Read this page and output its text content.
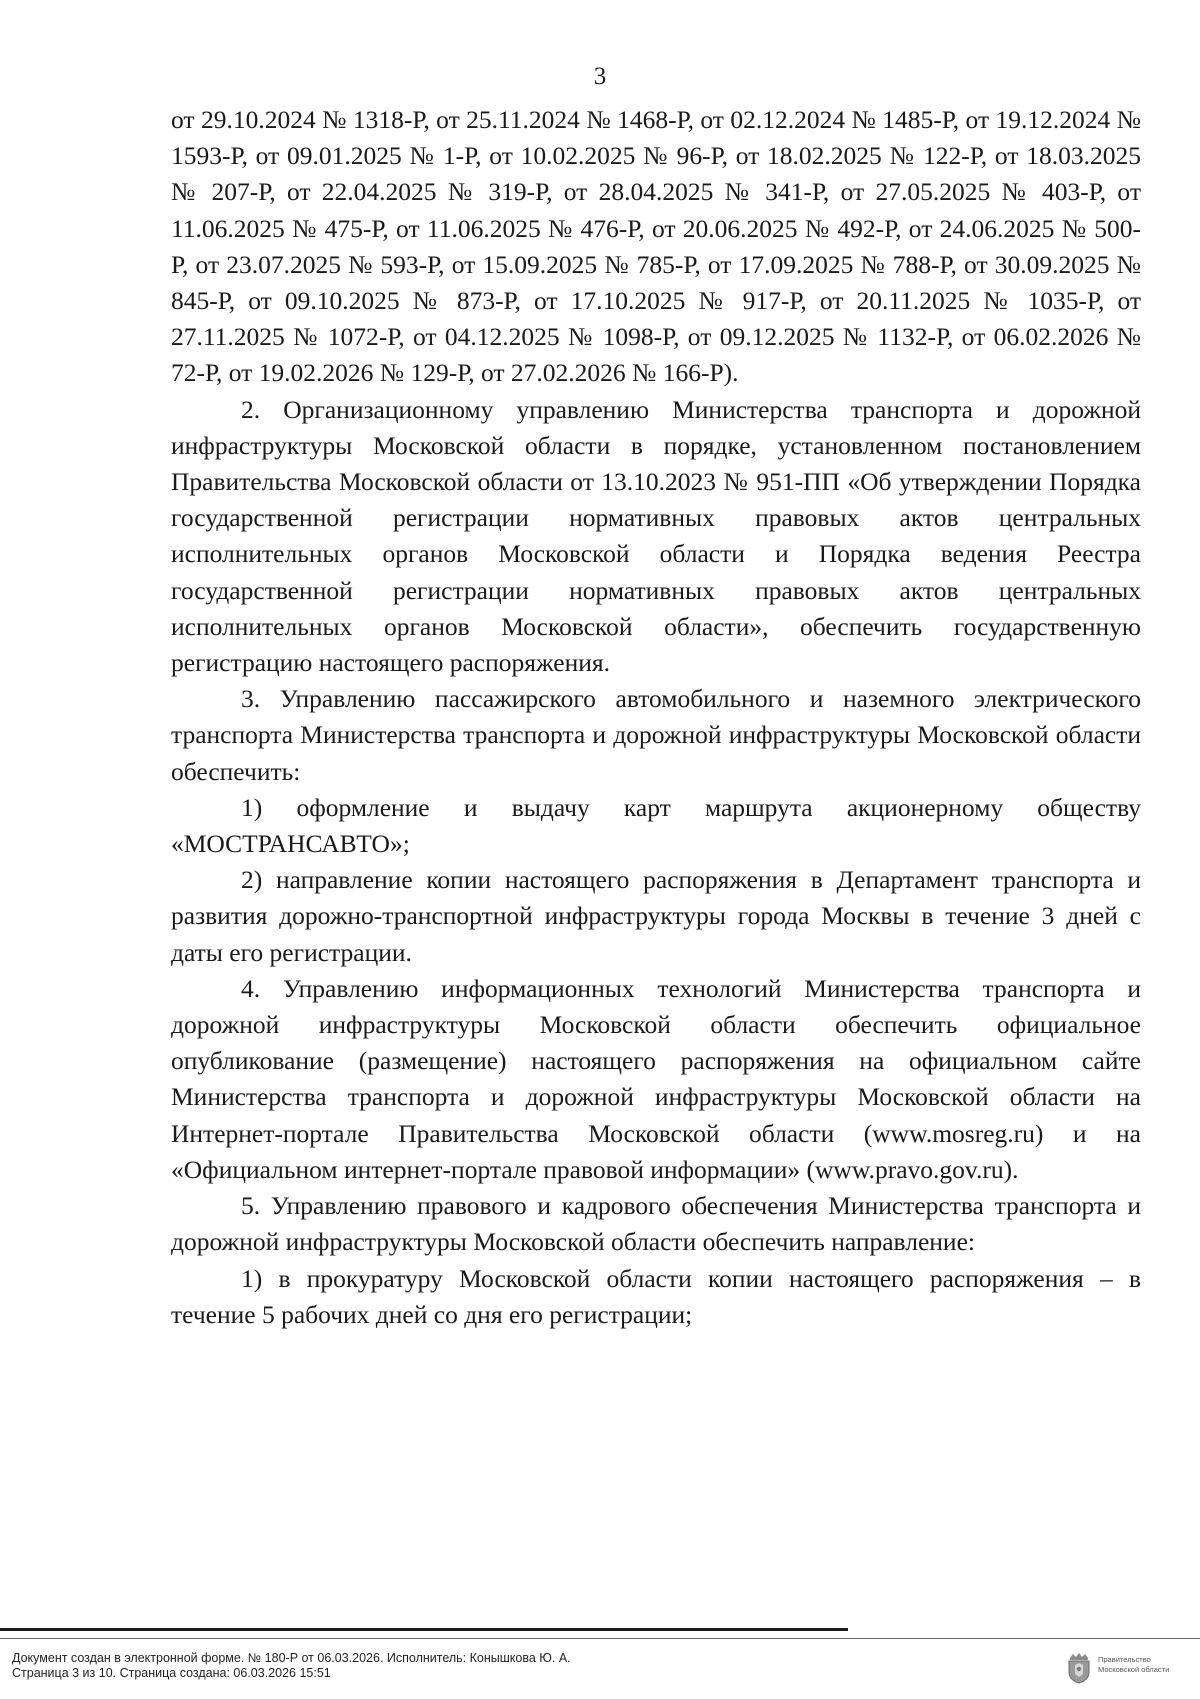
3

от 29.10.2024 № 1318-Р, от 25.11.2024 № 1468-Р, от 02.12.2024 № 1485-Р, от 19.12.2024 № 1593-Р, от 09.01.2025 № 1-Р, от 10.02.2025 № 96-Р, от 18.02.2025 № 122-Р, от 18.03.2025 № 207-Р, от 22.04.2025 № 319-Р, от 28.04.2025 № 341-Р, от 27.05.2025 № 403-Р, от 11.06.2025 № 475-Р, от 11.06.2025 № 476-Р, от 20.06.2025 № 492-Р, от 24.06.2025 № 500-Р, от 23.07.2025 № 593-Р, от 15.09.2025 № 785-Р, от 17.09.2025 № 788-Р, от 30.09.2025 № 845-Р, от 09.10.2025 № 873-Р, от 17.10.2025 № 917-Р, от 20.11.2025 № 1035-Р, от 27.11.2025 № 1072-Р, от 04.12.2025 № 1098-Р, от 09.12.2025 № 1132-Р, от 06.02.2026 № 72-Р, от 19.02.2026 № 129-Р, от 27.02.2026 № 166-Р).

2. Организационному управлению Министерства транспорта и дорожной инфраструктуры Московской области в порядке, установленном постановлением Правительства Московской области от 13.10.2023 № 951-ПП «Об утверждении Порядка государственной регистрации нормативных правовых актов центральных исполнительных органов Московской области и Порядка ведения Реестра государственной регистрации нормативных правовых актов центральных исполнительных органов Московской области», обеспечить государственную регистрацию настоящего распоряжения.

3. Управлению пассажирского автомобильного и наземного электрического транспорта Министерства транспорта и дорожной инфраструктуры Московской области обеспечить:

1) оформление и выдачу карт маршрута акционерному обществу «МОСТРАНСАВТО»;

2) направление копии настоящего распоряжения в Департамент транспорта и развития дорожно-транспортной инфраструктуры города Москвы в течение 3 дней с даты его регистрации.

4. Управлению информационных технологий Министерства транспорта и дорожной инфраструктуры Московской области обеспечить официальное опубликование (размещение) настоящего распоряжения на официальном сайте Министерства транспорта и дорожной инфраструктуры Московской области на Интернет-портале Правительства Московской области (www.mosreg.ru) и на «Официальном интернет-портале правовой информации» (www.pravo.gov.ru).

5. Управлению правового и кадрового обеспечения Министерства транспорта и дорожной инфраструктуры Московской области обеспечить направление:

1) в прокуратуру Московской области копии настоящего распоряжения – в течение 5 рабочих дней со дня его регистрации;

Документ создан в электронной форме. № 180-Р от 06.03.2026. Исполнитель: Конышкова Ю. А.
Страница 3 из 10. Страница создана: 06.03.2026 15:51
Правительство
Московской области
